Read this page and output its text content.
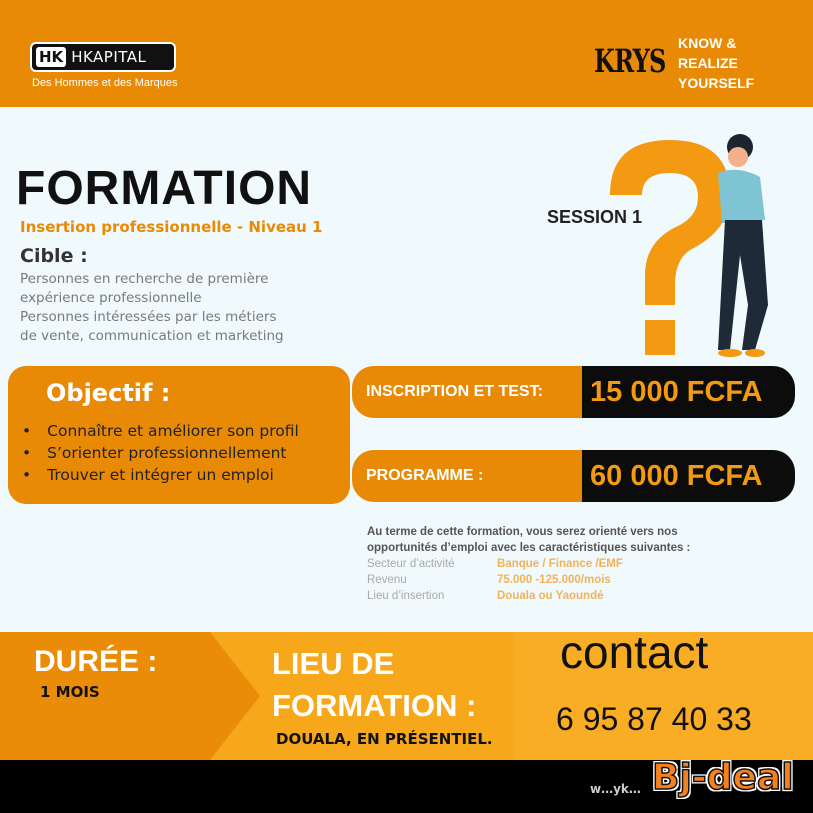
HK HKAPITAL
Des Hommes et des Marques
KRYS KNOW &
REALIZE
YOURSELF
FORMATION
Insertion professionnelle - Niveau 1
Cible :
Personnes en recherche de première
expérience professionnelle
Personnes intéressées par les métiers
de vente, communication et marketing
SESSION 1
Objectif :
• Connaître et améliorer son profil
• S’orienter professionnellement
• Trouver et intégrer un emploi
INSCRIPTION ET TEST:	15 000 FCFA
PROGRAMME :	60 000 FCFA
Au terme de cette formation, vous serez orienté vers nos
opportunités d’emploi avec les caractéristiques suivantes :
Secteur d’activité	Banque / Finance /EMF
Revenu	75.000 -125.000/mois
Lieu d’insertion	Douala ou Yaoundé
DURÉE :
1 MOIS
LIEU DE
FORMATION :
DOUALA, EN PRÉSENTIEL.
contact
6 95 87 40 33
w…yk… Bj-deal
